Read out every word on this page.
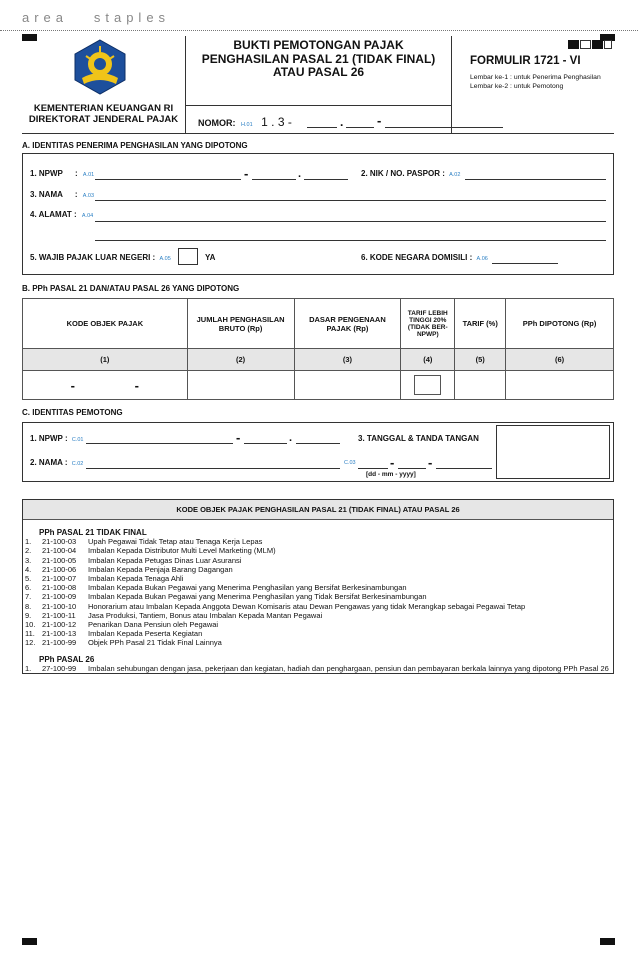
area   staples
KEMENTERIAN KEUANGAN RI
DIREKTORAT JENDERAL PAJAK
BUKTI PEMOTONGAN PAJAK
PENGHASILAN PASAL 21 (TIDAK FINAL)
ATAU PASAL 26
NOMOR: H.01 1 . 3 -	.	-
FORMULIR 1721 - VI
Lembar ke-1 : untuk Penerima Penghasilan
Lembar ke-2 : untuk Pemotong
A. IDENTITAS PENERIMA PENGHASILAN YANG DIPOTONG
1. NPWP : A.01	-	.	2. NIK / NO. PASPOR : A.02
3. NAMA : A.03
4. ALAMAT : A.04
5. WAJIB PAJAK LUAR NEGERI : A.05	YA	6. KODE NEGARA DOMISILI : A.06
B. PPh PASAL 21 DAN/ATAU PASAL 26 YANG DIPOTONG
KODE OBJEK PAJAK	JUMLAH PENGHASILAN BRUTO (Rp)	DASAR PENGENAAN PAJAK (Rp)	TARIF LEBIH TINGGI 20% (TIDAK BER-NPWP)	TARIF (%)	PPh DIPOTONG (Rp)
(1)	(2)	(3)	(4)	(5)	(6)
- -			

C. IDENTITAS PEMOTONG
1. NPWP : C.01	-	.	3. TANGGAL & TANDA TANGAN
2. NAMA : C.02	C.03	-	-
[dd - mm - yyyy]
KODE OBJEK PAJAK PENGHASILAN PASAL 21 (TIDAK FINAL) ATAU PASAL 26
PPh PASAL 21 TIDAK FINAL
1.	21-100-03	Upah Pegawai Tidak Tetap atau Tenaga Kerja Lepas
2.	21-100-04	Imbalan Kepada Distributor Multi Level Marketing (MLM)
3.	21-100-05	Imbalan Kepada Petugas Dinas Luar Asuransi
4.	21-100-06	Imbalan Kepada Penjaja Barang Dagangan
5.	21-100-07	Imbalan Kepada Tenaga Ahli
6.	21-100-08	Imbalan Kepada Bukan Pegawai yang Menerima Penghasilan yang Bersifat Berkesinambungan
7.	21-100-09	Imbalan Kepada Bukan Pegawai yang Menerima Penghasilan yang Tidak Bersifat Berkesinambungan
8.	21-100-10	Honorarium atau Imbalan Kepada Anggota Dewan Komisaris atau Dewan Pengawas yang tidak Merangkap sebagai Pegawai Tetap
9.	21-100-11	Jasa Produksi, Tantiem, Bonus atau Imbalan Kepada Mantan Pegawai
10. 21-100-12	Penarikan Dana Pensiun oleh Pegawai
11. 21-100-13	Imbalan Kepada Peserta Kegiatan
12. 21-100-99	Objek PPh Pasal 21 Tidak Final Lainnya
PPh PASAL 26
1.	27-100-99	Imbalan sehubungan dengan jasa, pekerjaan dan kegiatan, hadiah dan penghargaan, pensiun dan pembayaran berkala lainnya yang dipotong PPh Pasal 26
